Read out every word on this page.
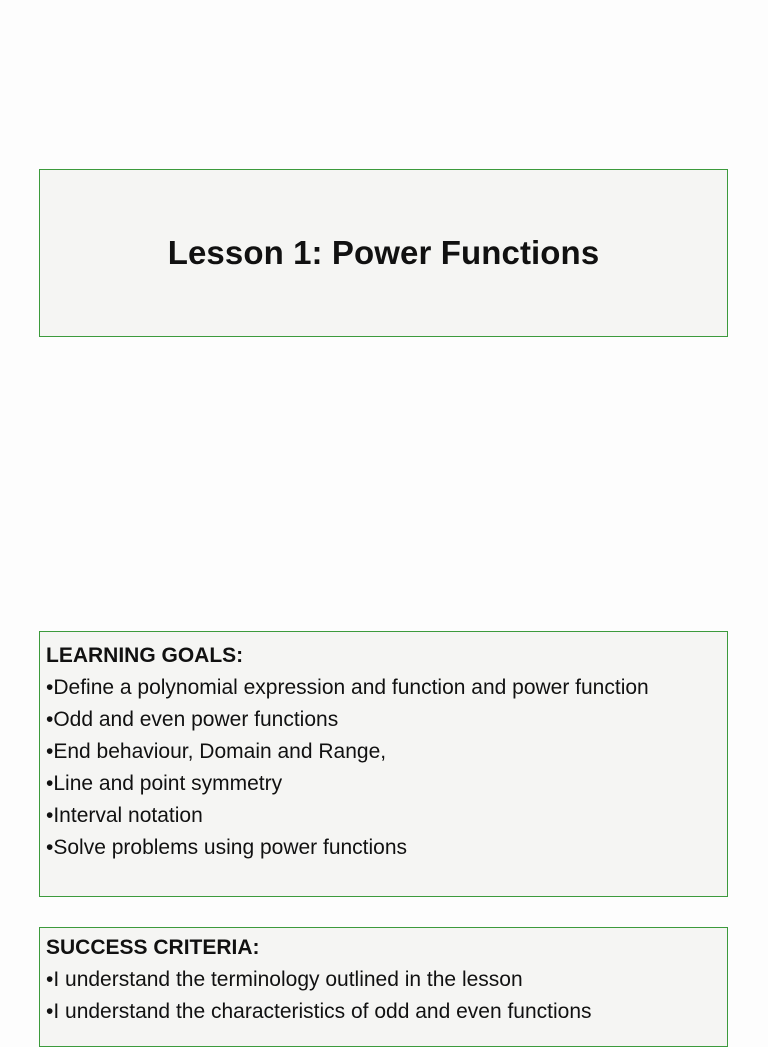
Lesson 1: Power Functions

LEARNING GOALS:

•Define a polynomial expression and function and power function
•Odd and even power functions
•End behaviour, Domain and Range,
•Line and point symmetry
•Interval notation
•Solve problems using power functions

SUCCESS CRITERIA:

•I understand the terminology outlined in the lesson
•I understand the characteristics of odd and even functions
